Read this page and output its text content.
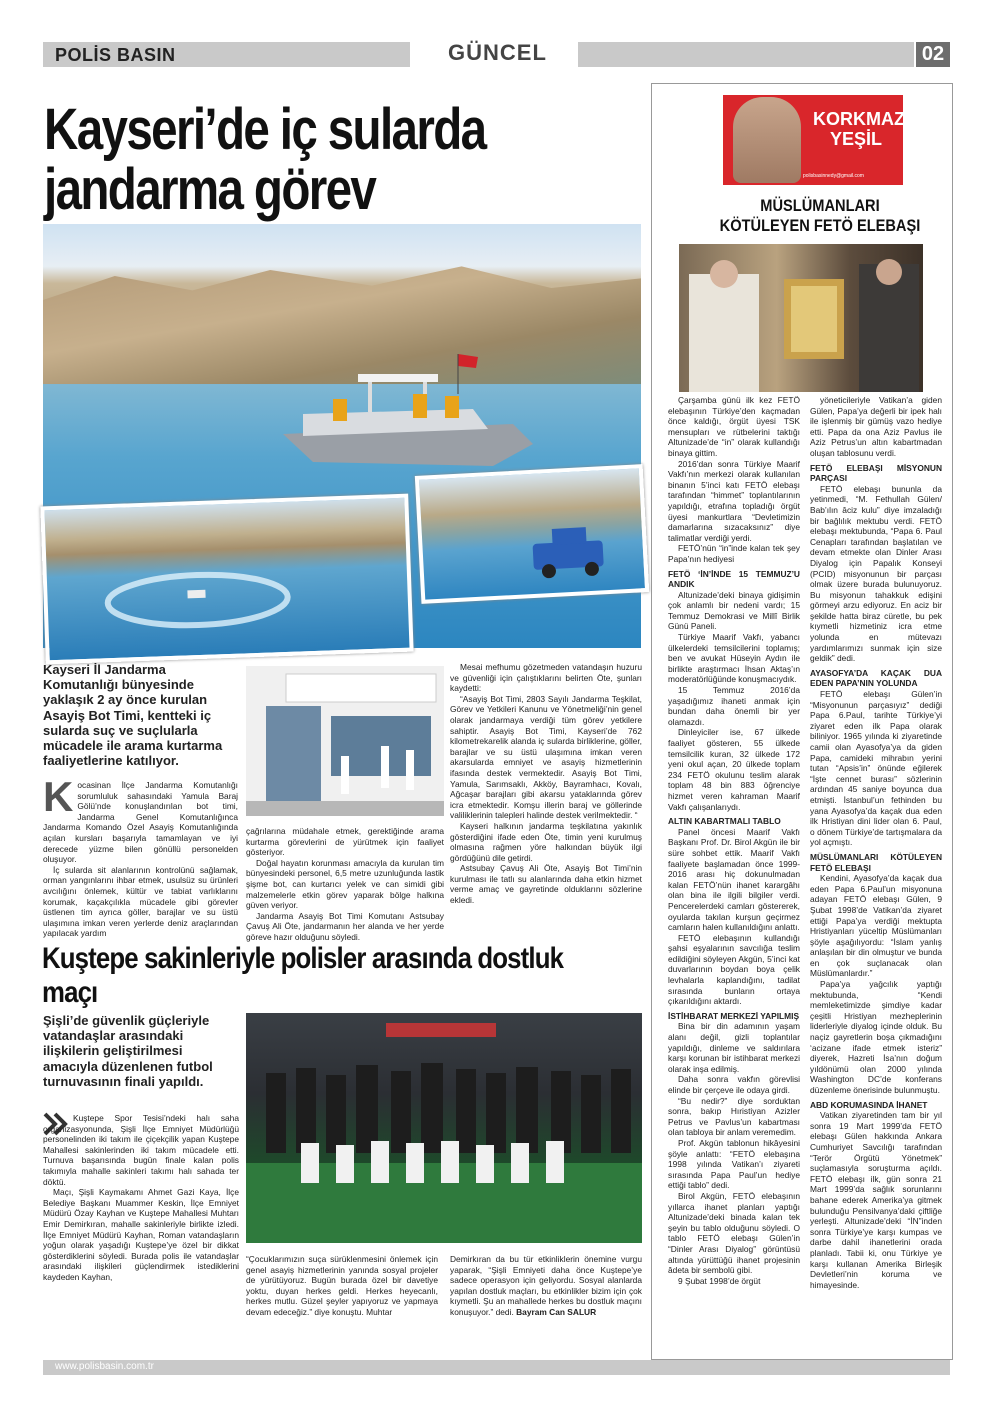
POLİS BASIN	GÜNCEL	02
Kayseri’de iç sularda jandarma görev
Kayseri İl Jandarma Komutanlığı bünyesinde yaklaşık 2 ay önce kurulan Asayiş Bot Timi, kentteki iç sularda suç ve suçlularla mücadele ile arama kurtarma faaliyetlerine katılıyor.

Kocasinan İlçe Jandarma Komutanlığı sorumluluk sahasındaki Yamula Baraj Gölü’nde konuşlandırılan bot timi, Jandarma Genel Komutanlığınca Jandarma Komando Özel Asayiş Komutanlığında açılan kursları başarıyla tamamlayan ve iyi derecede yüzme bilen gönüllü personelden oluşuyor.

İç sularda sit alanlarının kontrolünü sağlamak, orman yangınlarını ihbar etmek, usulsüz su ürünleri avcılığını önlemek, kültür ve tabiat varlıklarını korumak, kaçakçılıkla mücadele gibi görevler üstlenen tim ayrıca göller, barajlar ve su üstü ulaşımına imkan veren yerlerde deniz araçlarından yapılacak yardım

çağrılarına müdahale etmek, gerektiğinde arama kurtarma görevlerini de yürütmek için faaliyet gösteriyor.

Doğal hayatın korunması amacıyla da kurulan tim bünyesindeki personel, 6,5 metre uzunluğunda lastik şişme bot, can kurtarıcı yelek ve can simidi gibi malzemelerle etkin görev yaparak bölge halkına güven veriyor.

Jandarma Asayiş Bot Timi Komutanı Astsubay Çavuş Ali Öte, jandarmanın her alanda ve her yerde göreve hazır olduğunu söyledi.

Mesai mefhumu gözetmeden vatandaşın huzuru ve güvenliği için çalıştıklarını belirten Öte, şunları kaydetti:

“Asayiş Bot Timi, 2803 Sayılı Jandarma Teşkilat, Görev ve Yetkileri Kanunu ve Yönetmeliği’nin genel olarak jandarmaya verdiği tüm görev yetkilere sahiptir. Asayiş Bot Timi, Kayseri’de 762 kilometrekarelik alanda iç sularda birliklerine, göller, barajlar ve su üstü ulaşımına imkan veren akarsularda emniyet ve asayiş hizmetlerinin ifasında destek vermektedir. Asayiş Bot Timi, Yamula, Sarımsaklı, Akköy, Bayramhacı, Kovalı, Ağcaşar barajları gibi akarsu yataklarında görev icra etmektedir. Komşu illerin baraj ve göllerinde valiliklerinin talepleri halinde destek verilmektedir. “

Kayseri halkının jandarma teşkilatına yakınlık gösterdiğini ifade eden Öte, timin yeni kurulmuş olmasına rağmen yöre halkından büyük ilgi gördüğünü dile getirdi.

Astsubay Çavuş Ali Öte, Asayiş Bot Timi’nin kurulması ile tatlı su alanlarında daha etkin hizmet verme amaç ve gayretinde olduklarını sözlerine ekledi.

Kuştepe sakinleriyle polisler arasında dostluk maçı
Şişli’de güvenlik güçleriyle vatandaşlar arasındaki ilişkilerin geliştirilmesi amacıyla düzenlenen futbol turnuvasının finali yapıldı.

Kuştepe Spor Tesisi’ndeki halı saha organizasyonunda, Şişli İlçe Emniyet Müdürlüğü personelinden iki takım ile çiçekçilik yapan Kuştepe Mahallesi sakinlerinden iki takım mücadele etti. Turnuva başarısında bugün finale kalan polis takımıyla mahalle sakinleri takımı halı sahada ter döktü.

Maçı, Şişli Kaymakamı Ahmet Gazi Kaya, İlçe Belediye Başkanı Muammer Keskin, İlçe Emniyet Müdürü Özay Kayhan ve Kuştepe Mahallesi Muhtarı Emir Demirkıran, mahalle sakinleriyle birlikte izledi. İlçe Emniyet Müdürü Kayhan, Roman vatandaşların yoğun olarak yaşadığı Kuştepe’ye özel bir dikkat gösterdiklerini söyledi. Burada polis ile vatandaşlar arasındaki ilişkileri güçlendirmek istediklerini kaydeden Kayhan,

“Çocuklarımızın suça sürüklenmesini önlemek için genel asayiş hizmetlerinin yanında sosyal projeler de yürütüyoruz. Bugün burada özel bir davetiye yoktu, duyan herkes geldi. Herkes heyecanlı, herkes mutlu. Güzel şeyler yapıyoruz ve yapmaya devam edeceğiz.” diye konuştu. Muhtar

Demirkıran da bu tür etkinliklerin önemine vurgu yaparak, “Şişli Emniyeti daha önce Kuştepe’ye sadece operasyon için geliyordu. Sosyal alanlarda yapılan dostluk maçları, bu etkinlikler bizim için çok kıymetli. Şu an mahallede herkes bu dostluk maçını konuşuyor.” dedi. Bayram Can SALUR

KORKMAZ YEŞİL
polisbasinnedy@gmail.com
MÜSLÜMANLARI KÖTÜLEYEN FETÖ ELEBAŞI

Çarşamba günü ilk kez FETÖ elebaşının Türkiye’den kaçmadan önce kaldığı, örgüt üyesi TSK mensupları ve rütbelerini taktığı Altunizade’de “in” olarak kullandığı binaya gittim.

2016’dan sonra Türkiye Maarif Vakfı’nın merkezi olarak kullanılan binanın 5’inci katı FETÖ elebaşı tarafından “himmet” toplantılarının yapıldığı, etrafına topladığı örgüt üyesi mankurtlara “Devletimizin damarlarına sızacaksınız” diye talimatlar verdiği yerdi.

FETÖ’nün “in”inde kalan tek şey Papa’nın hediyesi

FETÖ ‘İN’İNDE 15 TEMMUZ’U ANDIK

Altunizade’deki binaya gidişimin çok anlamlı bir nedeni vardı; 15 Temmuz Demokrasi ve Millî Birlik Günü Paneli.

Türkiye Maarif Vakfı, yabancı ülkelerdeki temsilcilerini toplamış; ben ve avukat Hüseyin Aydın ile birlikte araştırmacı İhsan Aktaş’ın moderatörlüğünde konuşmacıydık.

15 Temmuz 2016’da yaşadığımız ihaneti anmak için bundan daha önemli bir yer olamazdı.

Dinleyiciler ise, 67 ülkede faaliyet gösteren, 55 ülkede temsilcilik kuran, 32 ülkede 172 yeni okul açan, 20 ülkede toplam 234 FETÖ okulunu teslim alarak toplam 48 bin 883 öğrenciye hizmet veren kahraman Maarif Vakfı çalışanlarıydı.

ALTIN KABARTMALI TABLO

Panel öncesi Maarif Vakfı Başkanı Prof. Dr. Birol Akgün ile bir süre sohbet ettik. Maarif Vakfı faaliyete başlamadan önce 1999-2016 arası hiç dokunulmadan kalan FETÖ’nün ihanet karargâhı olan bina ile ilgili bilgiler verdi. Pencerelerdeki camları göstererek, oyularda takılan kurşun geçirmez camların halen kullanıldığını anlattı.

FETÖ elebaşının kullandığı şahsi eşyalarının savcılığa teslim edildiğini söyleyen Akgün, 5’inci kat duvarlarının boydan boya çelik levhalarla kaplandığını, tadilat sırasında bunların ortaya çıkarıldığını aktardı.

İSTİHBARAT MERKEZİ YAPILMIŞ

Bina bir din adamının yaşam alanı değil, gizli toplantılar yapıldığı, dinleme ve saldırılara karşı korunan bir istihbarat merkezi olarak inşa edilmiş.

Daha sonra vakfın görevlisi elinde bir çerçeve ile odaya girdi.

“Bu nedir?” diye sorduktan sonra, bakıp Hıristiyan Azizler Petrus ve Pavlus’un kabartması olan tabloya bir anlam veremedim.

Prof. Akgün tablonun hikâyesini şöyle anlattı: “FETÖ elebaşına 1998 yılında Vatikan’ı ziyareti sırasında Papa Paul’un hediye ettiği tablo” dedi.

Birol Akgün, FETÖ elebaşının yıllarca ihanet planları yaptığı Altunizade’deki binada kalan tek şeyin bu tablo olduğunu söyledi. O tablo FETÖ elebaşı Gülen’in “Dinler Arası Diyalog” görüntüsü altında yürüttüğü ihanet projesinin âdeta bir sembolü gibi.

9 Şubat 1998’de örgüt

yöneticileriyle Vatikan’a giden Gülen, Papa’ya değerli bir ipek halı ile işlenmiş bir gümüş vazo hediye etti. Papa da ona Aziz Pavlus ile Aziz Petrus’un altın kabartmadan oluşan tablosunu verdi.

FETÖ ELEBAŞI MİSYONUN PARÇASI

FETÖ elebaşı bununla da yetinmedi, “M. Fethullah Gülen/ Bab’ılın âciz kulu” diye imzaladığı bir bağlılık mektubu verdi. FETÖ elebaşı mektubunda, “Papa 6. Paul Cenapları tarafından başlatılan ve devam etmekte olan Dinler Arası Diyalog için Papalık Konseyi (PCID) misyonunun bir parçası olmak üzere burada bulunuyoruz. Bu misyonun tahakkuk edişini görmeyi arzu ediyoruz. En aciz bir şekilde hatta biraz cüretle, bu pek kıymetli hizmetiniz icra etme yolunda en mütevazı yardımlarımızı sunmak için size geldik” dedi.

AYASOFYA’DA KAÇAK DUA EDEN PAPA’NIN YOLUNDA

FETÖ elebaşı Gülen’in “Misyonunun parçasıyız” dediği Papa 6.Paul, tarihte Türkiye’yi ziyaret eden ilk Papa olarak biliniyor. 1965 yılında ki ziyaretinde camii olan Ayasofya’ya da giden Papa, camideki mihrabın yerini tutan “Apsis’in” önünde eğilerek “İşte cennet burası” sözlerinin ardından 45 saniye boyunca dua etmişti. İstanbul’un fethinden bu yana Ayasofya’da kaçak dua eden ilk Hristiyan dini lider olan 6. Paul, o dönem Türkiye’de tartışmalara da yol açmıştı.

MÜSLÜMANLARI KÖTÜLEYEN FETÖ ELEBAŞI

Kendini, Ayasofya’da kaçak dua eden Papa 6.Paul’un misyonuna adayan FETÖ elebaşı Gülen, 9 Şubat 1998’de Vatikan’da ziyaret ettiği Papa’ya verdiği mektupta Hristiyanları yüceltip Müslümanları şöyle aşağılıyordu: “İslam yanlış anlaşılan bir din olmuştur ve bunda en çok suçlanacak olan Müslümanlardır.”

Papa’ya yağcılık yaptığı mektubunda, “Kendi memleketimizde şimdiye kadar çeşitli Hristiyan mezheplerinin liderleriyle diyalog içinde olduk. Bu naçiz gayretlerin boşa çıkmadığını ‘acizane ifade etmek isteriz” diyerek, Hazreti İsa’nın doğum yıldönümü olan 2000 yılında Washington DC’de konferans düzenleme önerisinde bulunmuştu.

ABD KORUMASINDA İHANET

Vatikan ziyaretinden tam bir yıl sonra 19 Mart 1999’da FETÖ elebaşı Gülen hakkında Ankara Cumhuriyet Savcılığı tarafından “Terör Örgütü Yönetmek” suçlamasıyla soruşturma açıldı. FETÖ elebaşı ilk, gün sonra 21 Mart 1999’da sağlık sorunlarını bahane ederek Amerika’ya gitmek bulunduğu Pensilvanya’daki çiftliğe yerleşti. Altunizade’deki “İN”inden sonra Türkiye’ye karşı kumpas ve darbe dahil ihanetlerini orada planladı. Tabii ki, onu Türkiye ye karşı kullanan Amerika Birleşik Devletleri’nin koruma ve himayesinde.

www.polisbasin.com.tr
